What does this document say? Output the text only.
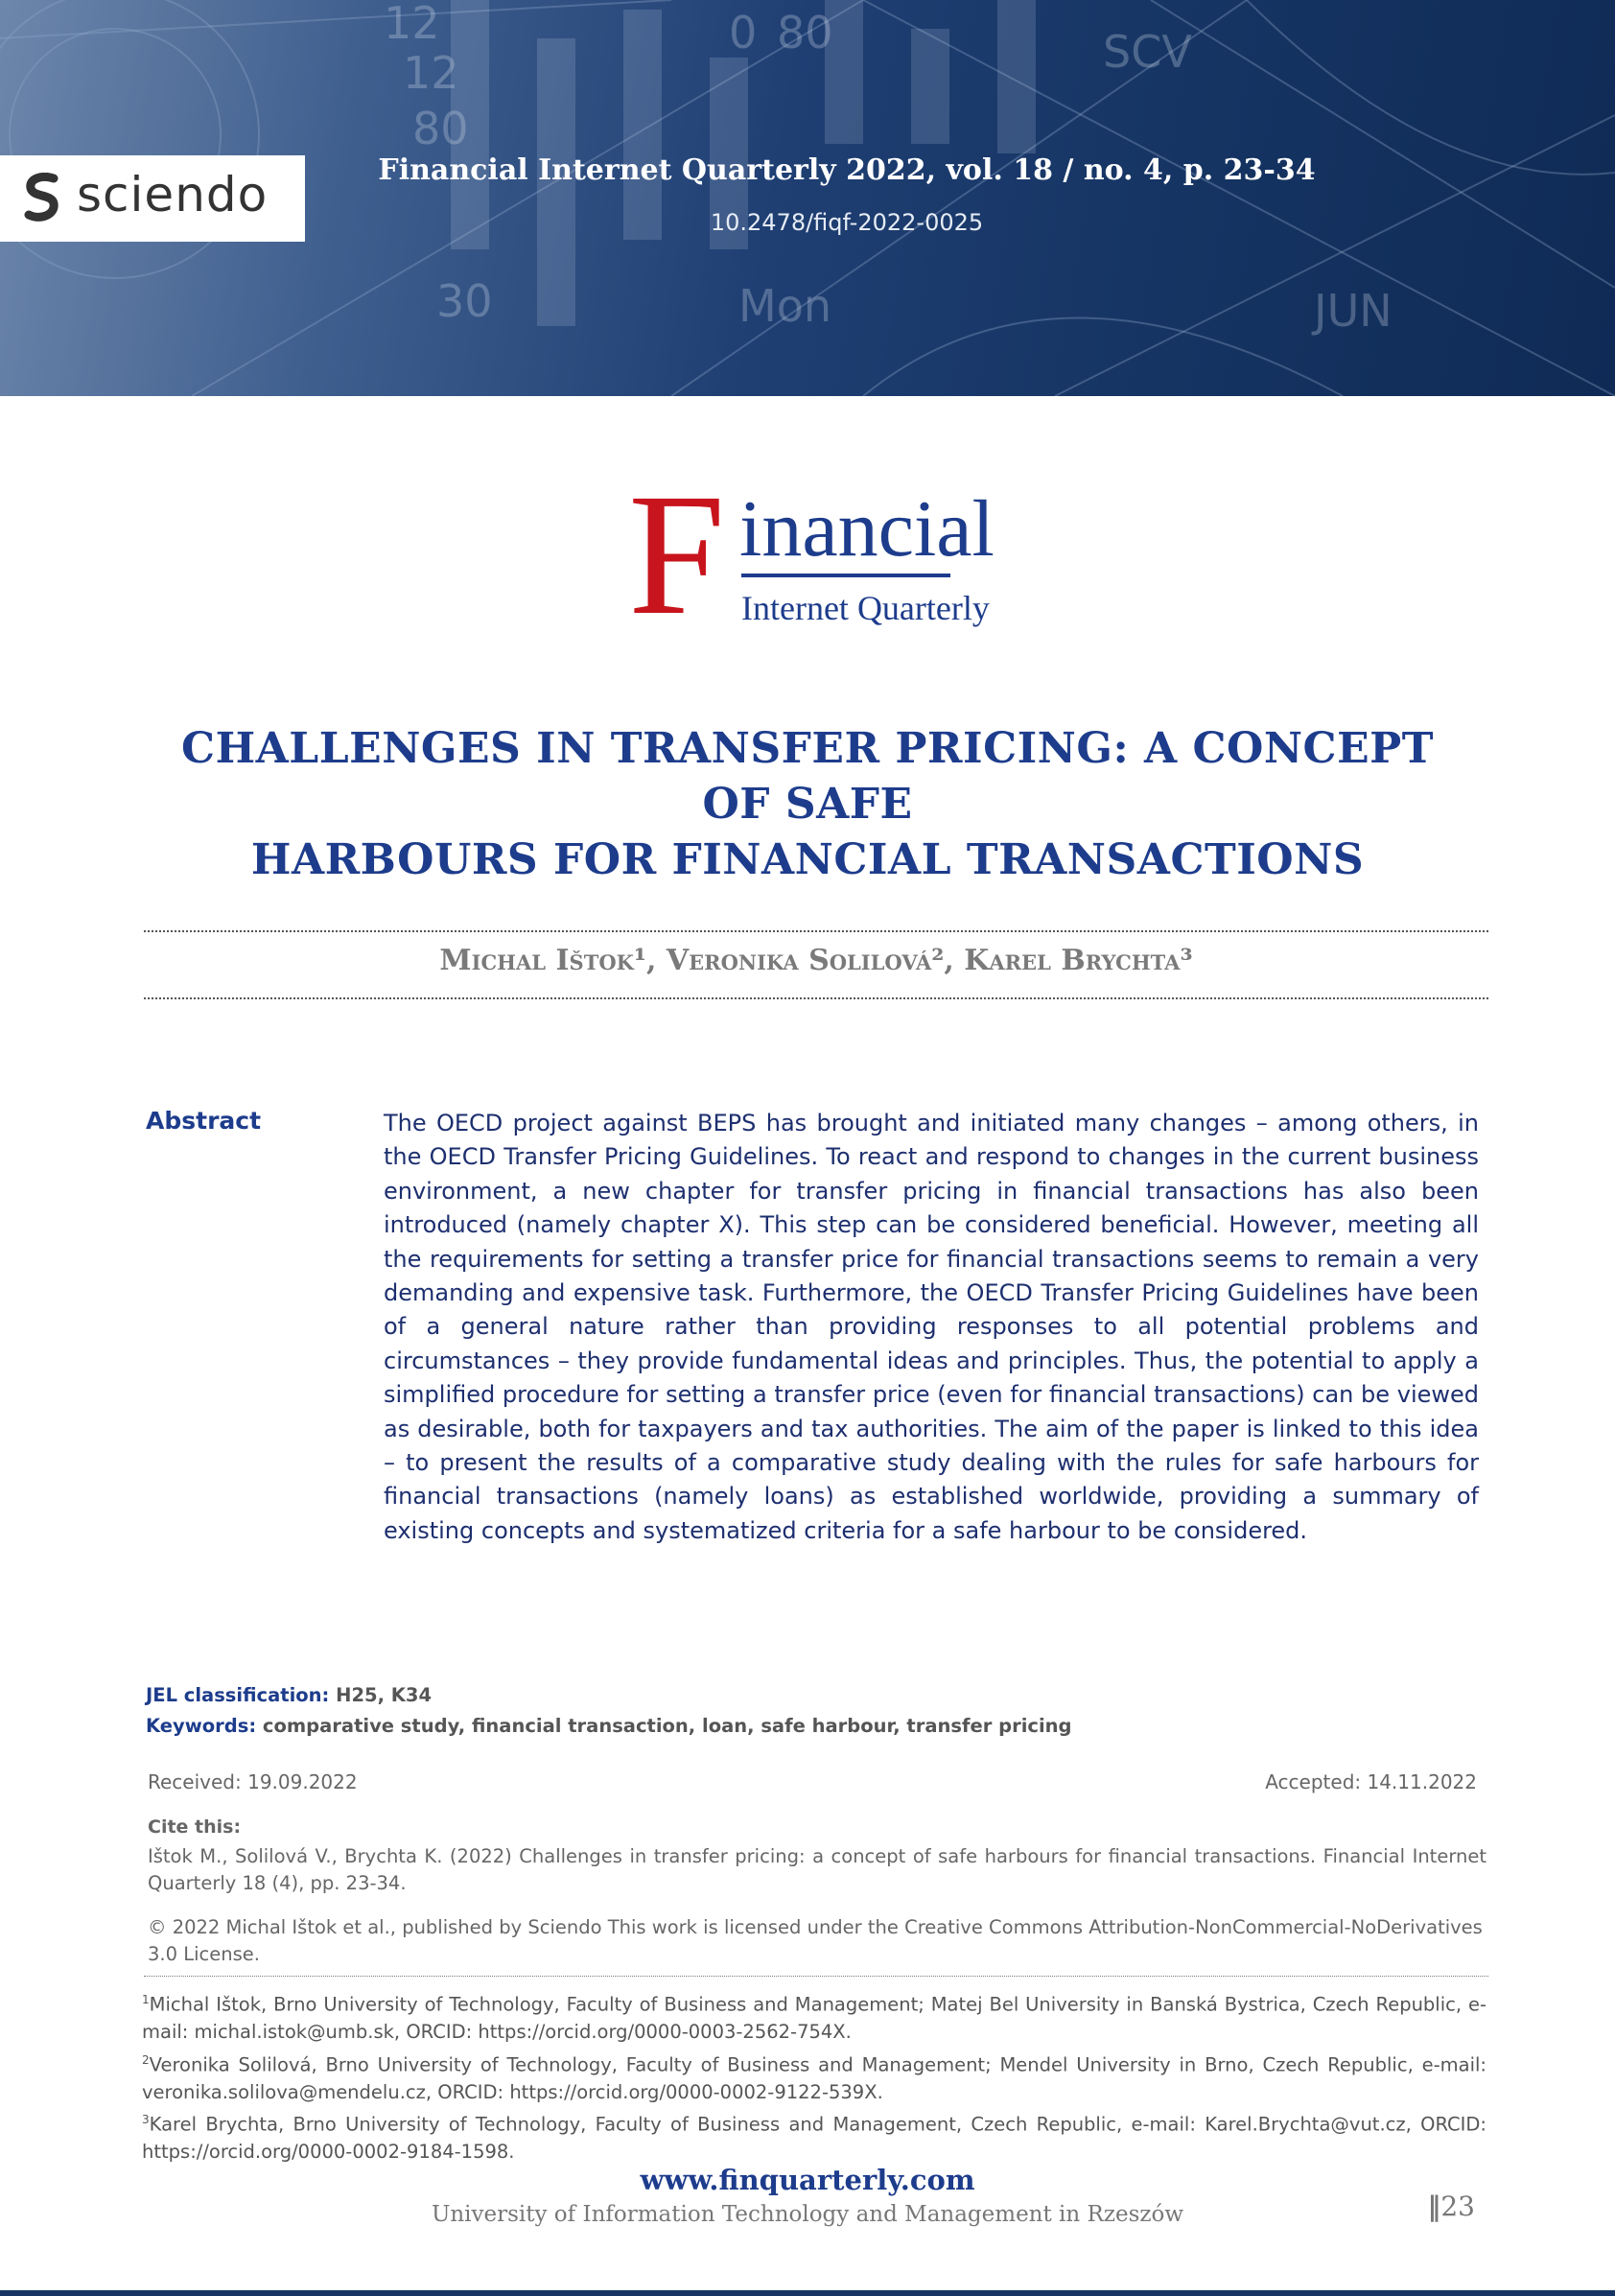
12
12
80
30
0 80
Mon
SCV
JUN
sciendo	Financial Internet Quarterly 2022, vol. 18 / no. 4, p. 23-34
10.2478/fiqf-2022-0025
F inancial
Internet Quarterly
CHALLENGES IN TRANSFER PRICING: A CONCEPT OF SAFE
HARBOURS FOR FINANCIAL TRANSACTIONS
Michal Ištok¹, Veronika Solilová², Karel Brychta³
Abstract	The OECD project against BEPS has brought and initiated many changes – among others, in the OECD Transfer Pricing Guidelines. To react and respond to changes in the current business environment, a new chapter for transfer pricing in financial transactions has also been introduced (namely chapter X). This step can be considered beneficial. However, meeting all the requirements for setting a transfer price for financial transactions seems to remain a very demanding and expensive task. Furthermore, the OECD Transfer Pricing Guidelines have been of a general nature rather than providing responses to all potential problems and circumstances – they provide fundamental ideas and principles. Thus, the potential to apply a simplified procedure for setting a transfer price (even for financial transactions) can be viewed as desirable, both for taxpayers and tax authorities. The aim of the paper is linked to this idea – to present the results of a comparative study dealing with the rules for safe harbours for financial transactions (namely loans) as established worldwide, providing a summary of existing concepts and systematized criteria for a safe harbour to be considered.
JEL classification: H25, K34
Keywords: comparative study, financial transaction, loan, safe harbour, transfer pricing
Received: 19.09.2022	Accepted: 14.11.2022
Cite this:
Ištok M., Solilová V., Brychta K. (2022) Challenges in transfer pricing: a concept of safe harbours for financial transactions. Financial Internet Quarterly 18 (4), pp. 23-34.
© 2022 Michal Ištok et al., published by Sciendo This work is licensed under the Creative Commons Attribution-NonCommercial-NoDerivatives 3.0 License.
$^1$Michal Ištok, Brno University of Technology, Faculty of Business and Management; Matej Bel University in Banská Bystrica, Czech Republic, e-mail: michal.istok@umb.sk, ORCID: https://orcid.org/0000-0003-2562-754X.
$^2$Veronika Solilová, Brno University of Technology, Faculty of Business and Management; Mendel University in Brno, Czech Republic, e-mail: veronika.solilova@mendelu.cz, ORCID: https://orcid.org/0000-0002-9122-539X.
$^3$Karel Brychta, Brno University of Technology, Faculty of Business and Management, Czech Republic, e-mail: Karel.Brychta@vut.cz, ORCID: https://orcid.org/0000-0002-9184-1598.
www.finquarterly.com
University of Information Technology and Management in Rzeszów	‖23
